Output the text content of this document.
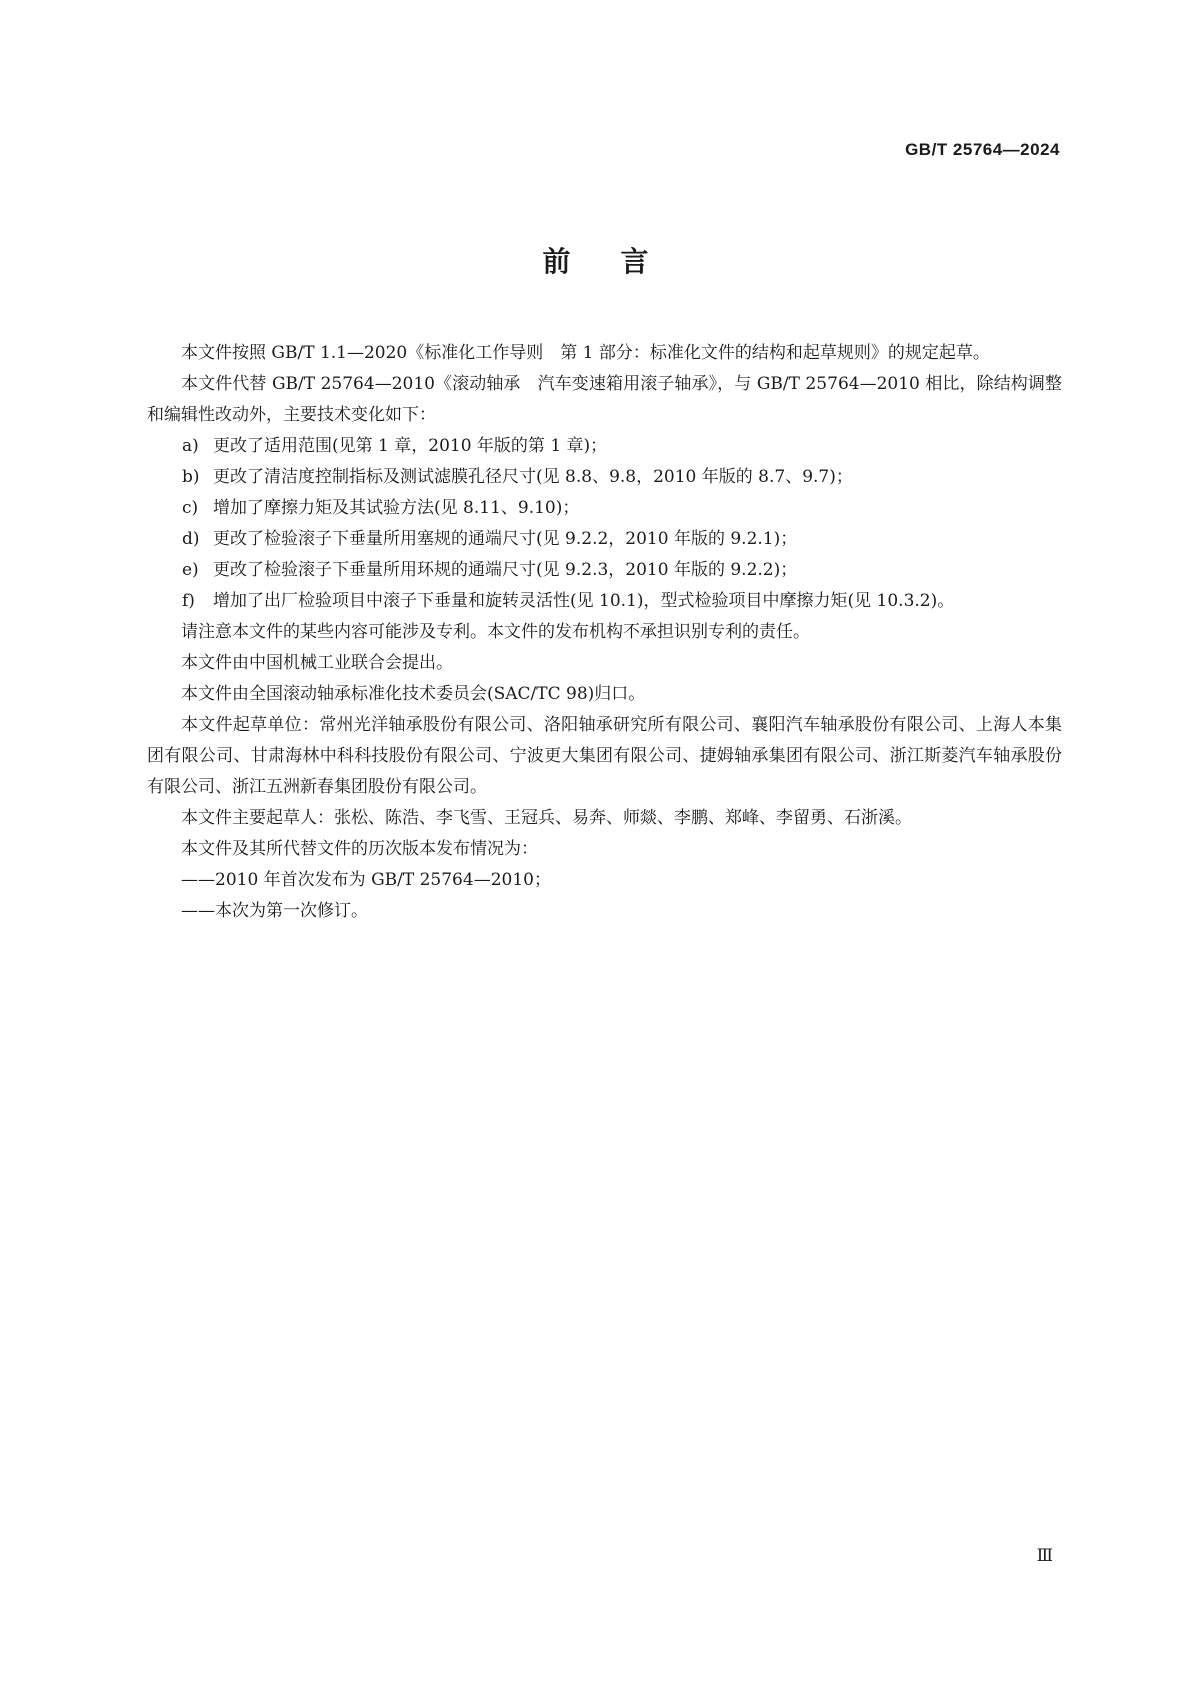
GB/T 25764—2024
前言

本文件按照 GB/T 1.1—2020《标准化工作导则　第 1 部分：标准化文件的结构和起草规则》的规定起草。

本文件代替 GB/T 25764—2010《滚动轴承　汽车变速箱用滚子轴承》，与 GB/T 25764—2010 相比，除结构调整和编辑性改动外，主要技术变化如下：

a) 更改了适用范围(见第 1 章，2010 年版的第 1 章)；

b) 更改了清洁度控制指标及测试滤膜孔径尺寸(见 8.8、9.8，2010 年版的 8.7、9.7)；

c) 增加了摩擦力矩及其试验方法(见 8.11、9.10)；

d) 更改了检验滚子下垂量所用塞规的通端尺寸(见 9.2.2，2010 年版的 9.2.1)；

e) 更改了检验滚子下垂量所用环规的通端尺寸(见 9.2.3，2010 年版的 9.2.2)；

f) 增加了出厂检验项目中滚子下垂量和旋转灵活性(见 10.1)，型式检验项目中摩擦力矩(见 10.3.2)。

请注意本文件的某些内容可能涉及专利。本文件的发布机构不承担识别专利的责任。

本文件由中国机械工业联合会提出。

本文件由全国滚动轴承标准化技术委员会(SAC/TC 98)归口。

本文件起草单位：常州光洋轴承股份有限公司、洛阳轴承研究所有限公司、襄阳汽车轴承股份有限公司、上海人本集团有限公司、甘肃海林中科科技股份有限公司、宁波更大集团有限公司、捷姆轴承集团有限公司、浙江斯菱汽车轴承股份有限公司、浙江五洲新春集团股份有限公司。

本文件主要起草人：张松、陈浩、李飞雪、王冠兵、易奔、师燚、李鹏、郑峰、李留勇、石浙溪。

本文件及其所代替文件的历次版本发布情况为：

——2010 年首次发布为 GB/T 25764—2010；

——本次为第一次修订。

Ⅲ
